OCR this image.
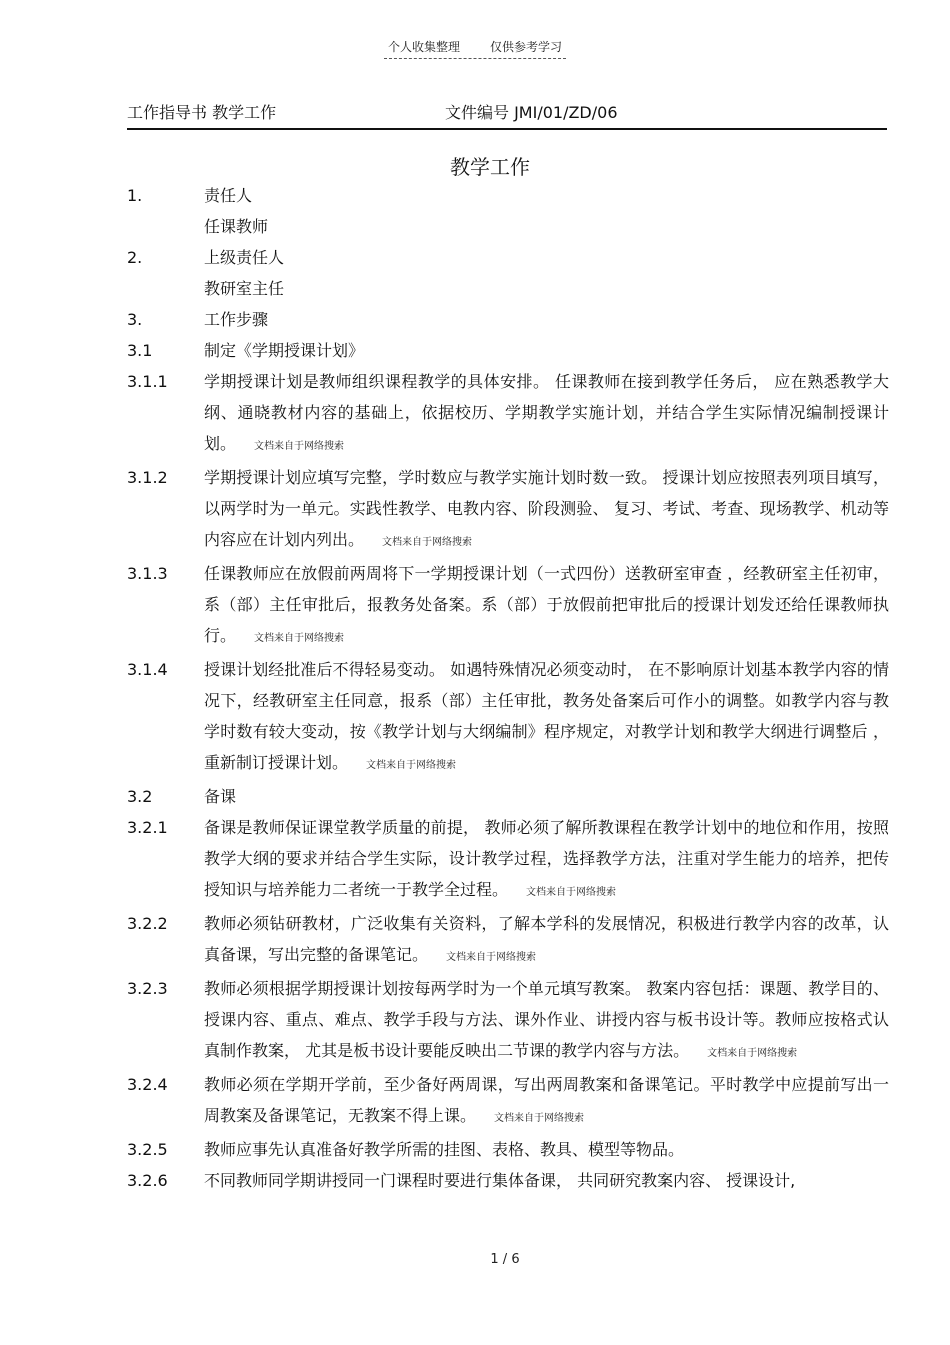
个人收集整理	仅供参考学习
工作指导书 教学工作	文件编号 JMI/01/ZD/06
教学工作
1.	责任人
任课教师
2.	上级责任人
教研室主任
3.	工作步骤
3.1	制定《学期授课计划》
3.1.1	学期授课计划是教师组织课程教学的具体安排。 任课教师在接到教学任务后， 应在熟悉教学大纲、通晓教材内容的基础上，依据校历、学期教学实施计划，并结合学生实际情况编制授课计划。 文档来自于网络搜索
3.1.2	学期授课计划应填写完整，学时数应与教学实施计划时数一致。 授课计划应按照表列项目填写，以两学时为一单元。实践性教学、电教内容、阶段测验、 复习、考试、考查、现场教学、机动等内容应在计划内列出。 文档来自于网络搜索
3.1.3	任课教师应在放假前两周将下一学期授课计划（一式四份）送教研室审查 ，经教研室主任初审，系（部）主任审批后，报教务处备案。系（部）于放假前把审批后的授课计划发还给任课教师执行。 文档来自于网络搜索
3.1.4	授课计划经批准后不得轻易变动。 如遇特殊情况必须变动时， 在不影响原计划基本教学内容的情况下，经教研室主任同意，报系（部）主任审批，教务处备案后可作小的调整。如教学内容与教学时数有较大变动，按《教学计划与大纲编制》程序规定，对教学计划和教学大纲进行调整后 ，重新制订授课计划。 文档来自于网络搜索
3.2	备课
3.2.1	备课是教师保证课堂教学质量的前提， 教师必须了解所教课程在教学计划中的地位和作用，按照教学大纲的要求并结合学生实际，设计教学过程，选择教学方法，注重对学生能力的培养，把传授知识与培养能力二者统一于教学全过程。 文档来自于网络搜索
3.2.2	教师必须钻研教材，广泛收集有关资料，了解本学科的发展情况，积极进行教学内容的改革，认真备课，写出完整的备课笔记。 文档来自于网络搜索
3.2.3	教师必须根据学期授课计划按每两学时为一个单元填写教案。 教案内容包括：课题、教学目的、授课内容、重点、难点、教学手段与方法、课外作业、讲授内容与板书设计等。教师应按格式认真制作教案， 尤其是板书设计要能反映出二节课的教学内容与方法。 文档来自于网络搜索
3.2.4	教师必须在学期开学前，至少备好两周课，写出两周教案和备课笔记。平时教学中应提前写出一周教案及备课笔记，无教案不得上课。 文档来自于网络搜索
3.2.5	教师应事先认真准备好教学所需的挂图、表格、教具、模型等物品。
3.2.6	不同教师同学期讲授同一门课程时要进行集体备课， 共同研究教案内容、 授课设计,
1 / 6
